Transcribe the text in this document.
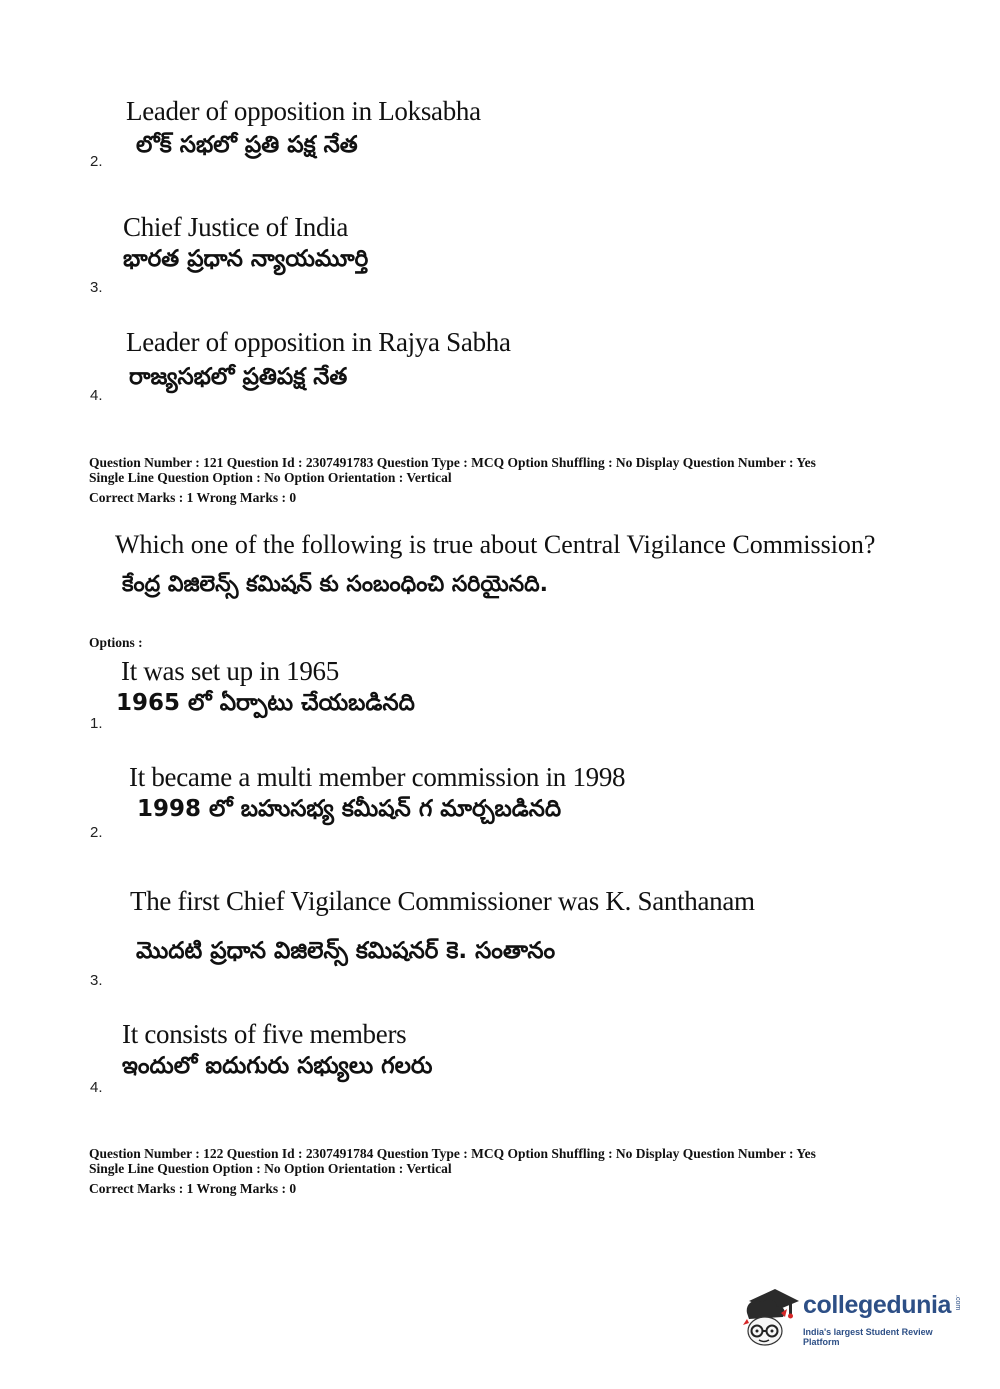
Leader of opposition in Loksabha
లోక్ సభలో ప్రతి పక్ష నేత
2.
Chief Justice of India
భారత ప్రధాన న్యాయమూర్తి
3.
Leader of opposition in Rajya Sabha
రాజ్యసభలో ప్రతిపక్ష నేత
4.
Question Number : 121 Question Id : 2307491783 Question Type : MCQ Option Shuffling : No Display Question Number : Yes
Single Line Question Option : No Option Orientation : Vertical
Correct Marks : 1 Wrong Marks : 0
Which one of the following is true about Central Vigilance Commission?
కేంద్ర విజిలెన్స్ కమిషన్ కు సంబంధించి సరియైనది.
Options :
It was set up in 1965
1965 లో ఏర్పాటు చేయబడినది
1.
It became a multi member commission in 1998
1998 లో బహుసభ్య కమీషన్ గ మార్చబడినది
2.
The first Chief Vigilance Commissioner was K. Santhanam
మొదటి ప్రధాన విజిలెన్స్ కమిషనర్ కె. సంతానం
3.
It consists of five members
ఇందులో ఐదుగురు సభ్యులు గలరు
4.
Question Number : 122 Question Id : 2307491784 Question Type : MCQ Option Shuffling : No Display Question Number : Yes
Single Line Question Option : No Option Orientation : Vertical
Correct Marks : 1 Wrong Marks : 0
collegedunia .com
India's largest Student Review Platform
